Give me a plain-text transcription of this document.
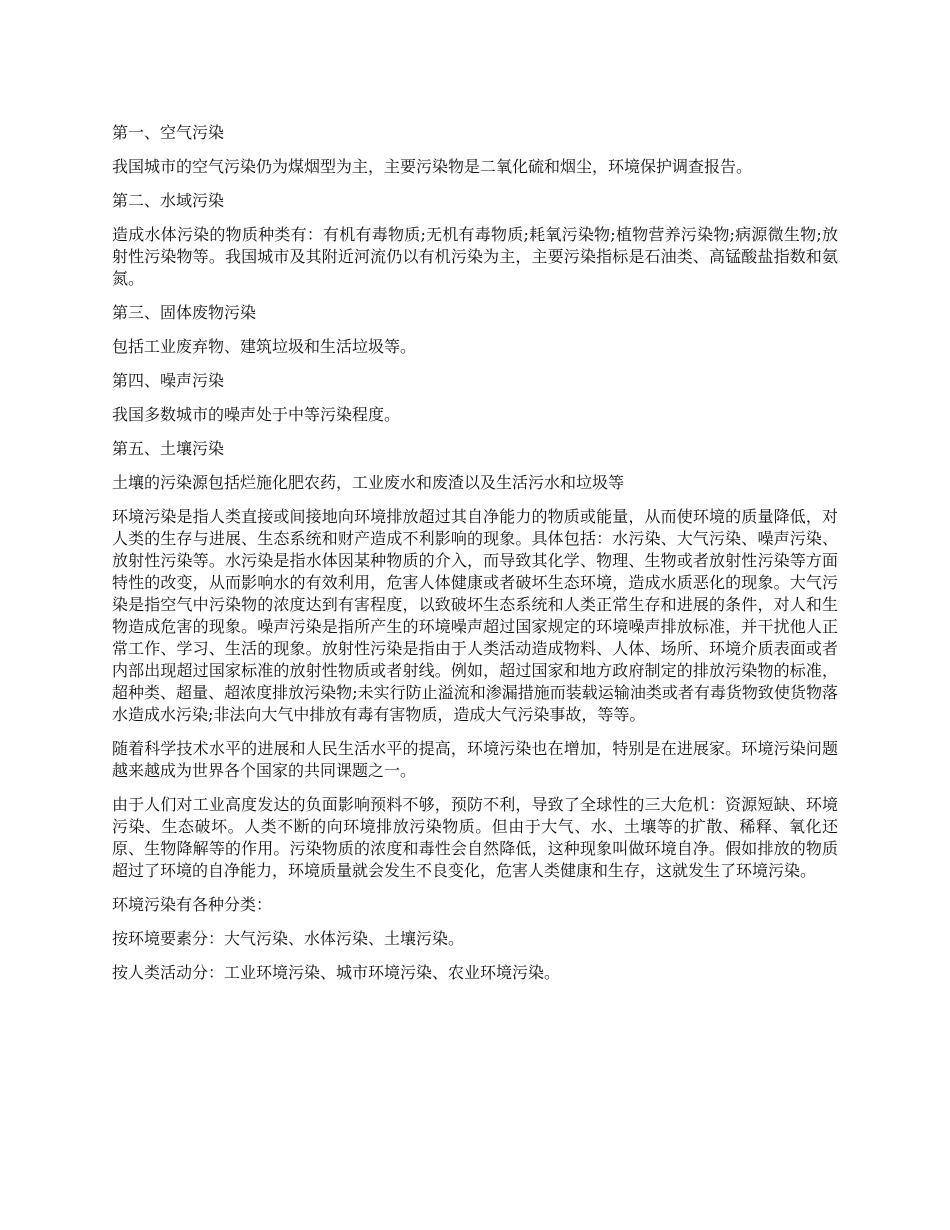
第一、空气污染

我国城市的空气污染仍为煤烟型为主，主要污染物是二氧化硫和烟尘，环境保护调查报告。

第二、水域污染

造成水体污染的物质种类有：有机有毒物质;无机有毒物质;耗氧污染物;植物营养污染物;病源微生物;放射性污染物等。我国城市及其附近河流仍以有机污染为主，主要污染指标是石油类、高锰酸盐指数和氨氮。

第三、固体废物污染

包括工业废弃物、建筑垃圾和生活垃圾等。

第四、噪声污染

我国多数城市的噪声处于中等污染程度。

第五、土壤污染

土壤的污染源包括烂施化肥农药，工业废水和废渣以及生活污水和垃圾等

环境污染是指人类直接或间接地向环境排放超过其自净能力的物质或能量，从而使环境的质量降低，对人类的生存与进展、生态系统和财产造成不利影响的现象。具体包括：水污染、大气污染、噪声污染、放射性污染等。水污染是指水体因某种物质的介入，而导致其化学、物理、生物或者放射性污染等方面特性的改变，从而影响水的有效利用，危害人体健康或者破坏生态环境，造成水质恶化的现象。大气污染是指空气中污染物的浓度达到有害程度，以致破坏生态系统和人类正常生存和进展的条件，对人和生物造成危害的现象。噪声污染是指所产生的环境噪声超过国家规定的环境噪声排放标准，并干扰他人正常工作、学习、生活的现象。放射性污染是指由于人类活动造成物料、人体、场所、环境介质表面或者内部出现超过国家标准的放射性物质或者射线。例如，超过国家和地方政府制定的排放污染物的标准，超种类、超量、超浓度排放污染物;未实行防止溢流和渗漏措施而装载运输油类或者有毒货物致使货物落水造成水污染;非法向大气中排放有毒有害物质，造成大气污染事故，等等。

随着科学技术水平的进展和人民生活水平的提高，环境污染也在增加，特别是在进展家。环境污染问题越来越成为世界各个国家的共同课题之一。

由于人们对工业高度发达的负面影响预料不够，预防不利，导致了全球性的三大危机：资源短缺、环境污染、生态破坏。人类不断的向环境排放污染物质。但由于大气、水、土壤等的扩散、稀释、氧化还原、生物降解等的作用。污染物质的浓度和毒性会自然降低，这种现象叫做环境自净。假如排放的物质超过了环境的自净能力，环境质量就会发生不良变化，危害人类健康和生存，这就发生了环境污染。

环境污染有各种分类：

按环境要素分：大气污染、水体污染、土壤污染。

按人类活动分：工业环境污染、城市环境污染、农业环境污染。
